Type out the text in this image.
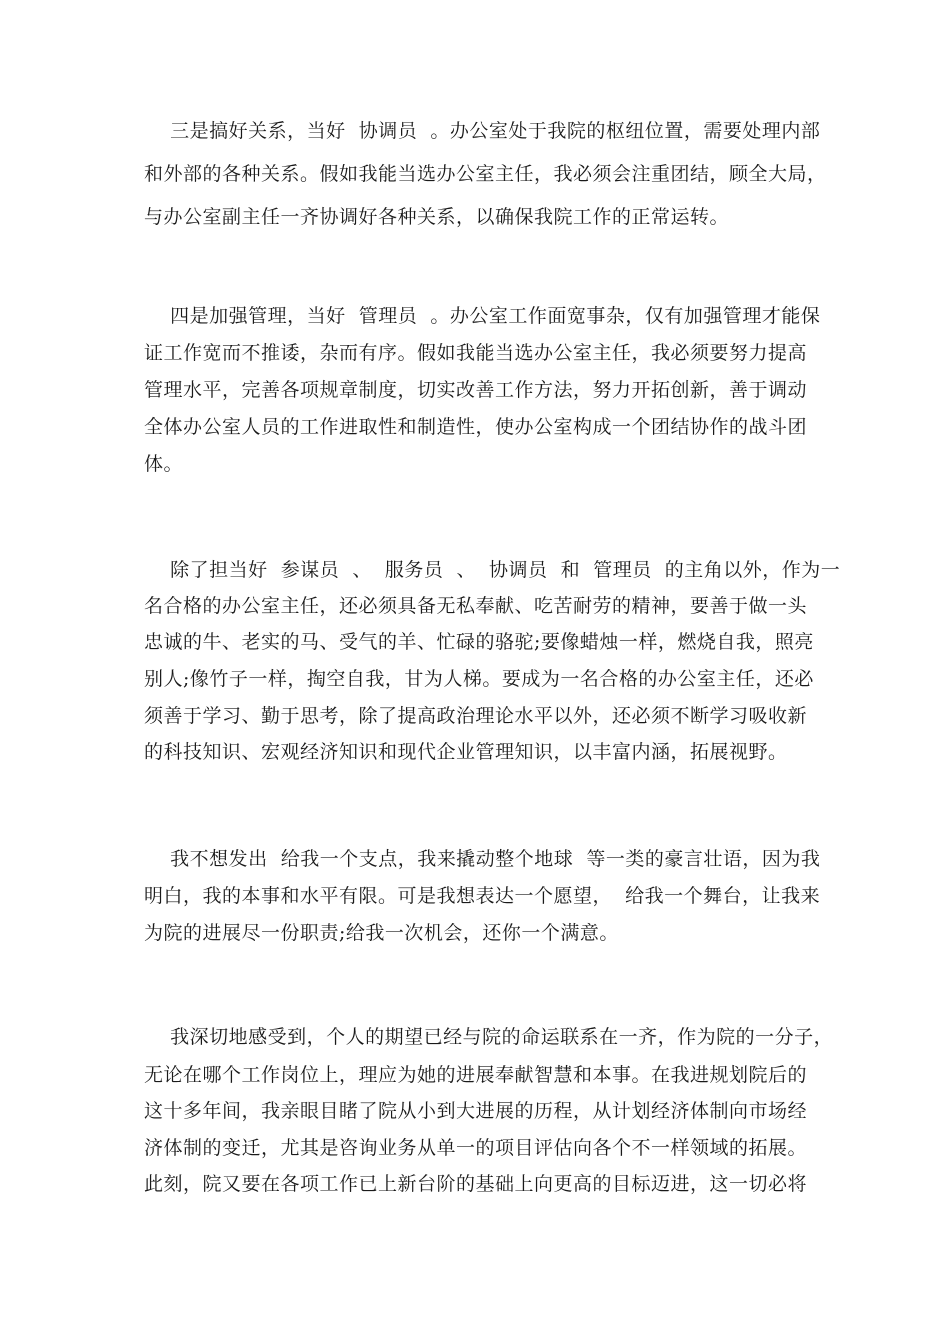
三是搞好关系，当好  协调员  。办公室处于我院的枢纽位置，需要处理内部
和外部的各种关系。假如我能当选办公室主任，我必须会注重团结，顾全大局，
与办公室副主任一齐协调好各种关系，以确保我院工作的正常运转。
四是加强管理，当好  管理员  。办公室工作面宽事杂，仅有加强管理才能保
证工作宽而不推诿，杂而有序。假如我能当选办公室主任，我必须要努力提高
管理水平，完善各项规章制度，切实改善工作方法，努力开拓创新，善于调动
全体办公室人员的工作进取性和制造性，使办公室构成一个团结协作的战斗团
体。
除了担当好  参谋员  、  服务员  、  协调员  和  管理员  的主角以外，作为一
名合格的办公室主任，还必须具备无私奉献、吃苦耐劳的精神，要善于做一头
忠诚的牛、老实的马、受气的羊、忙碌的骆驼;要像蜡烛一样，燃烧自我，照亮
别人;像竹子一样，掏空自我，甘为人梯。要成为一名合格的办公室主任，还必
须善于学习、勤于思考，除了提高政治理论水平以外，还必须不断学习吸收新
的科技知识、宏观经济知识和现代企业管理知识，以丰富内涵，拓展视野。
我不想发出  给我一个支点，我来撬动整个地球  等一类的豪言壮语，因为我
明白，我的本事和水平有限。可是我想表达一个愿望，  给我一个舞台，让我来
为院的进展尽一份职责;给我一次机会，还你一个满意。
我深切地感受到，个人的期望已经与院的命运联系在一齐，作为院的一分子，
无论在哪个工作岗位上，理应为她的进展奉献智慧和本事。在我进规划院后的
这十多年间，我亲眼目睹了院从小到大进展的历程，从计划经济体制向市场经
济体制的变迁，尤其是咨询业务从单一的项目评估向各个不一样领域的拓展。
此刻，院又要在各项工作已上新台阶的基础上向更高的目标迈进，这一切必将
